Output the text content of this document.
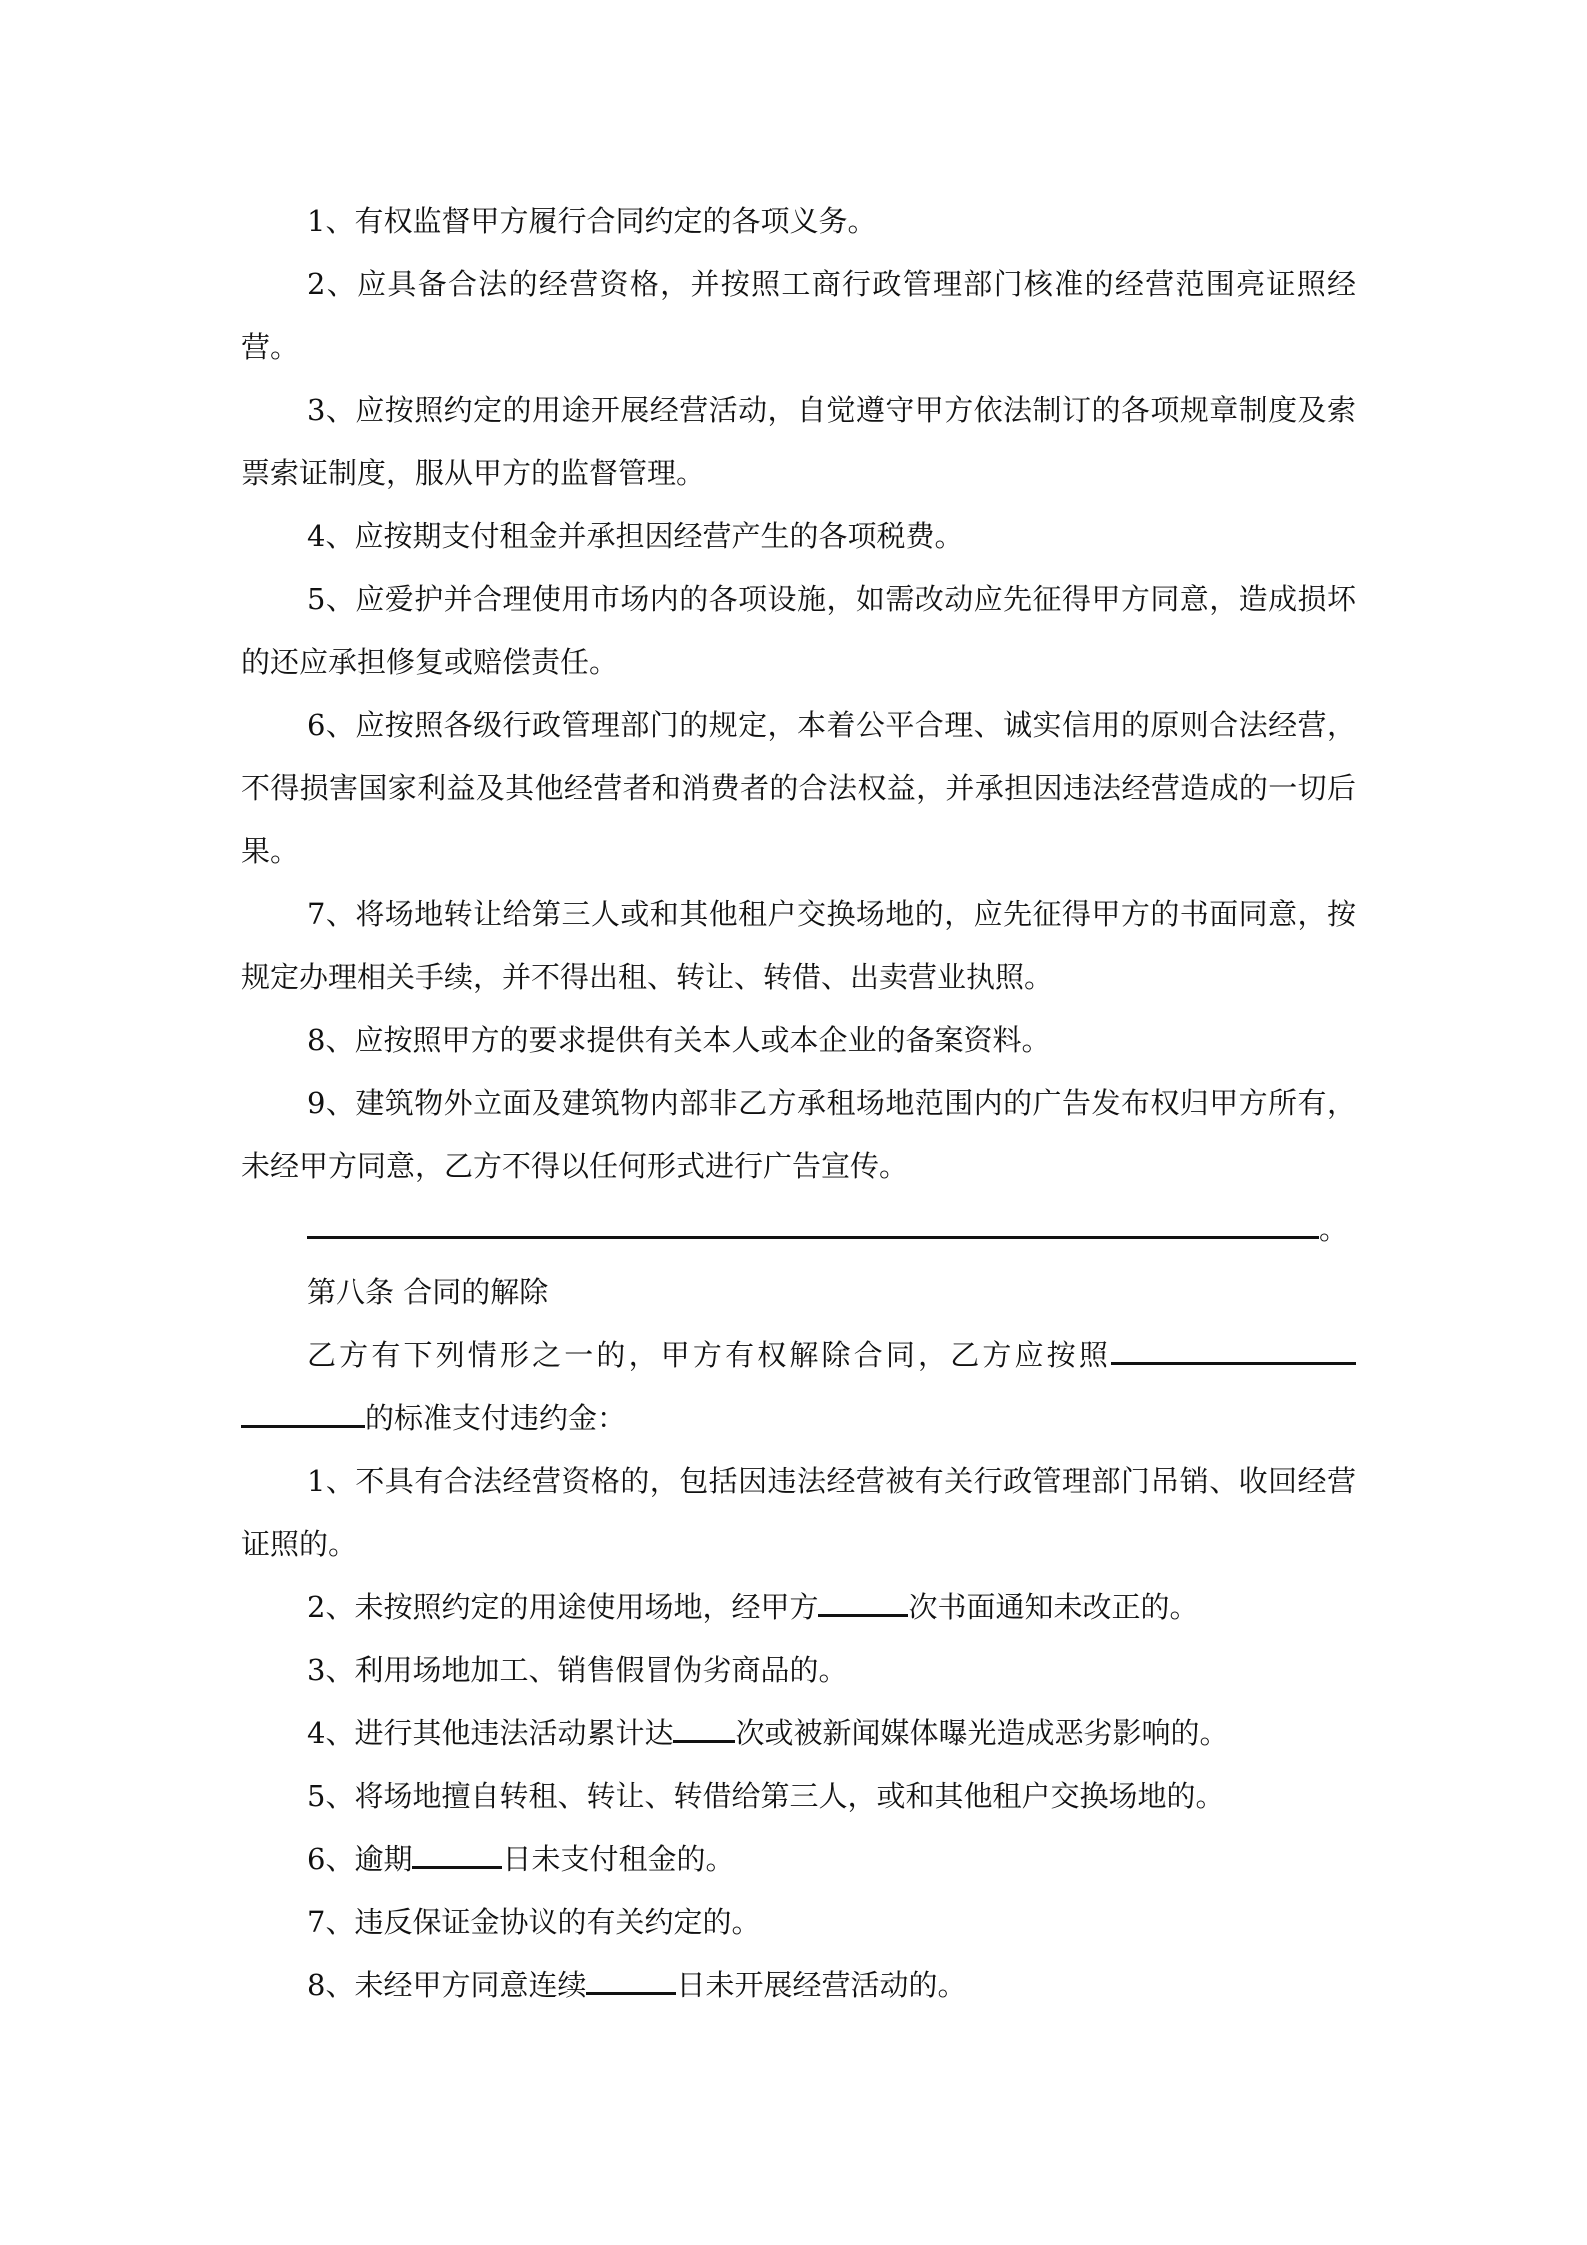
1、有权监督甲方履行合同约定的各项义务。

2、应具备合法的经营资格，并按照工商行政管理部门核准的经营范围亮证照经营。

3、应按照约定的用途开展经营活动，自觉遵守甲方依法制订的各项规章制度及索票索证制度，服从甲方的监督管理。

4、应按期支付租金并承担因经营产生的各项税费。

5、应爱护并合理使用市场内的各项设施，如需改动应先征得甲方同意，造成损坏的还应承担修复或赔偿责任。

6、应按照各级行政管理部门的规定，本着公平合理、诚实信用的原则合法经营，不得损害国家利益及其他经营者和消费者的合法权益，并承担因违法经营造成的一切后果。

7、将场地转让给第三人或和其他租户交换场地的，应先征得甲方的书面同意，按规定办理相关手续，并不得出租、转让、转借、出卖营业执照。

8、应按照甲方的要求提供有关本人或本企业的备案资料。

9、建筑物外立面及建筑物内部非乙方承租场地范围内的广告发布权归甲方所有，未经甲方同意，乙方不得以任何形式进行广告宣传。

。

第八条 合同的解除

乙方有下列情形之一的，甲方有权解除合同，乙方应按照的标准支付违约金：

1、不具有合法经营资格的，包括因违法经营被有关行政管理部门吊销、收回经营证照的。

2、未按照约定的用途使用场地，经甲方	次书面通知未改正的。

3、利用场地加工、销售假冒伪劣商品的。

4、进行其他违法活动累计达 次或被新闻媒体曝光造成恶劣影响的。

5、将场地擅自转租、转让、转借给第三人，或和其他租户交换场地的。

6、逾期	日未支付租金的。

7、违反保证金协议的有关约定的。

8、未经甲方同意连续	日未开展经营活动的。
